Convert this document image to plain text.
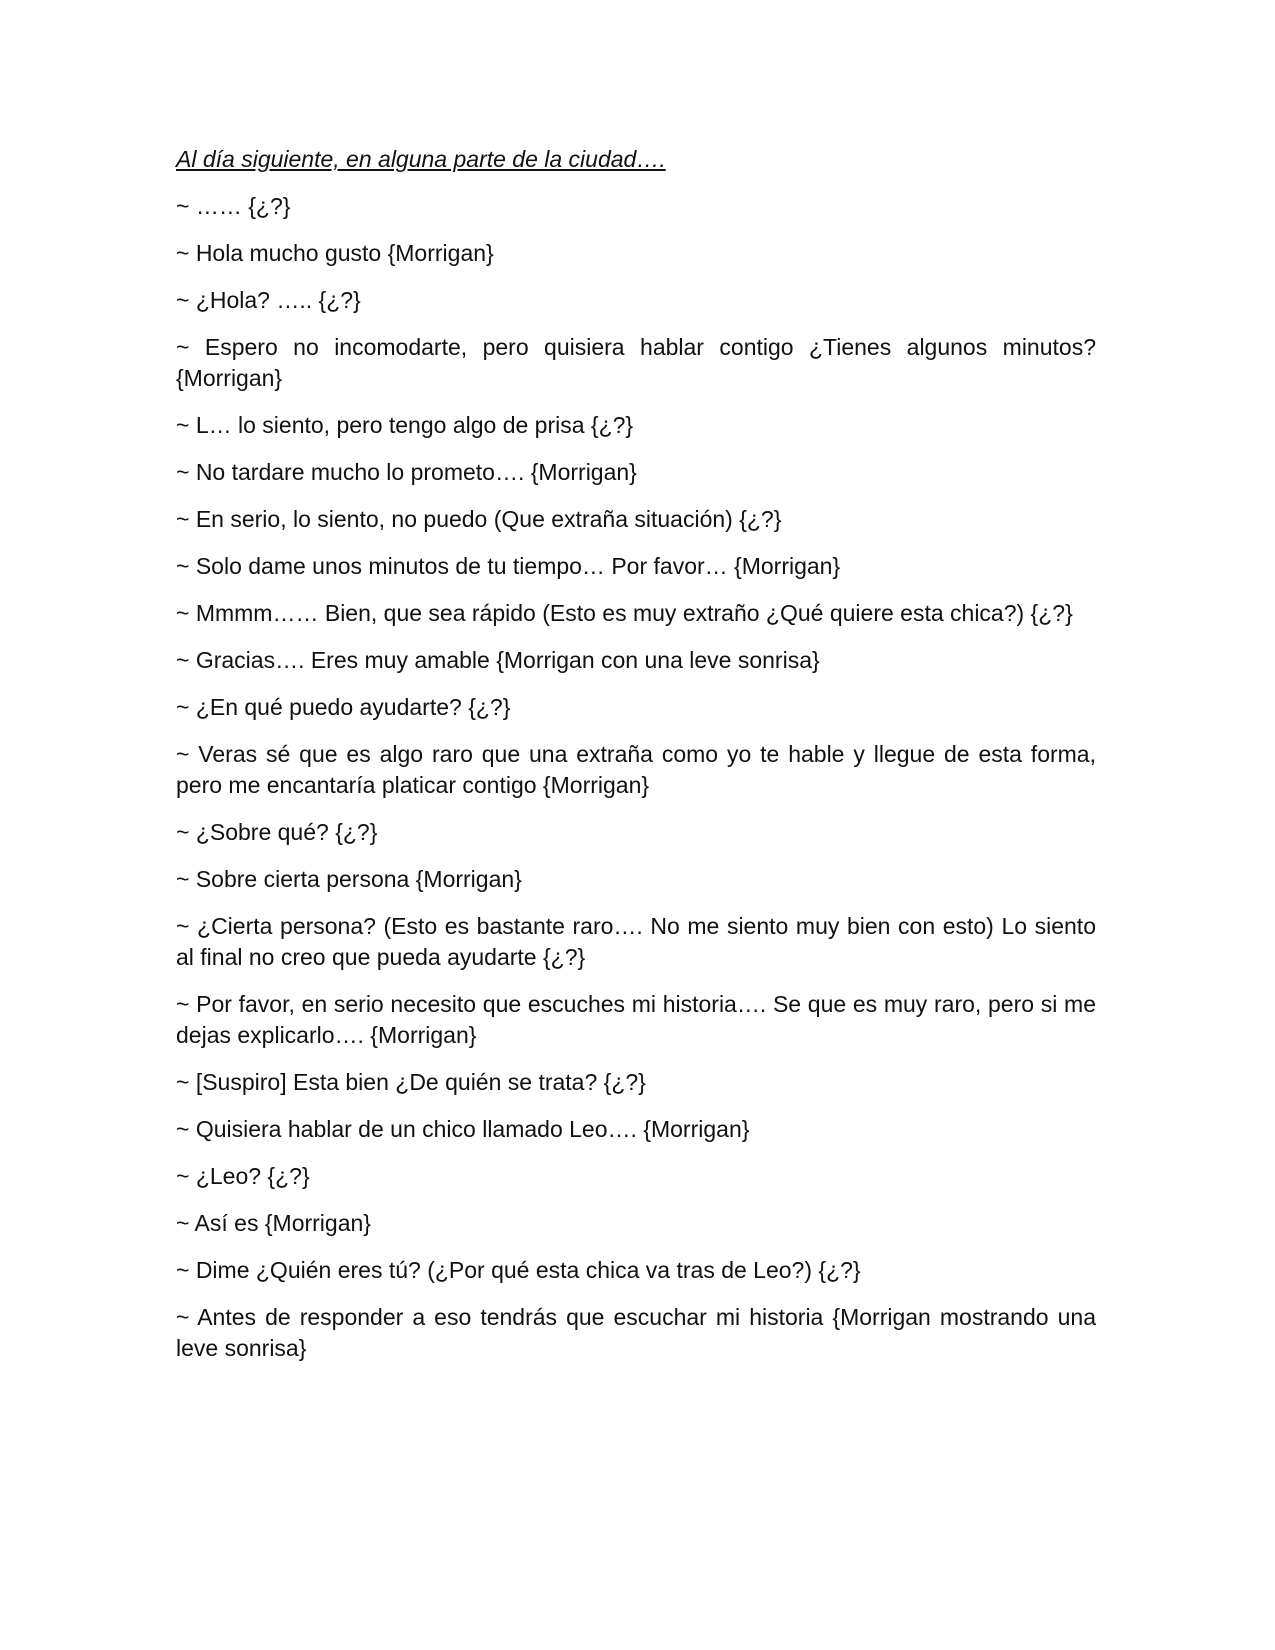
Al día siguiente, en alguna parte de la ciudad….

~ …… {¿?}
~ Hola mucho gusto {Morrigan}
~ ¿Hola? ….. {¿?}
~ Espero no incomodarte, pero quisiera hablar contigo ¿Tienes algunos minutos? {Morrigan}
~ L… lo siento, pero tengo algo de prisa {¿?}
~ No tardare mucho lo prometo…. {Morrigan}
~ En serio, lo siento, no puedo (Que extraña situación) {¿?}
~ Solo dame unos minutos de tu tiempo… Por favor… {Morrigan}
~ Mmmm…… Bien, que sea rápido (Esto es muy extraño ¿Qué quiere esta chica?) {¿?}
~ Gracias…. Eres muy amable {Morrigan con una leve sonrisa}
~ ¿En qué puedo ayudarte? {¿?}
~ Veras sé que es algo raro que una extraña como yo te hable y llegue de esta forma, pero me encantaría platicar contigo {Morrigan}
~ ¿Sobre qué? {¿?}
~ Sobre cierta persona {Morrigan}
~ ¿Cierta persona? (Esto es bastante raro…. No me siento muy bien con esto) Lo siento al final no creo que pueda ayudarte {¿?}
~ Por favor, en serio necesito que escuches mi historia…. Se que es muy raro, pero si me dejas explicarlo…. {Morrigan}
~ [Suspiro] Esta bien ¿De quién se trata? {¿?}
~ Quisiera hablar de un chico llamado Leo…. {Morrigan}
~ ¿Leo? {¿?}
~ Así es {Morrigan}
~ Dime ¿Quién eres tú? (¿Por qué esta chica va tras de Leo?) {¿?}
~ Antes de responder a eso tendrás que escuchar mi historia {Morrigan mostrando una leve sonrisa}
